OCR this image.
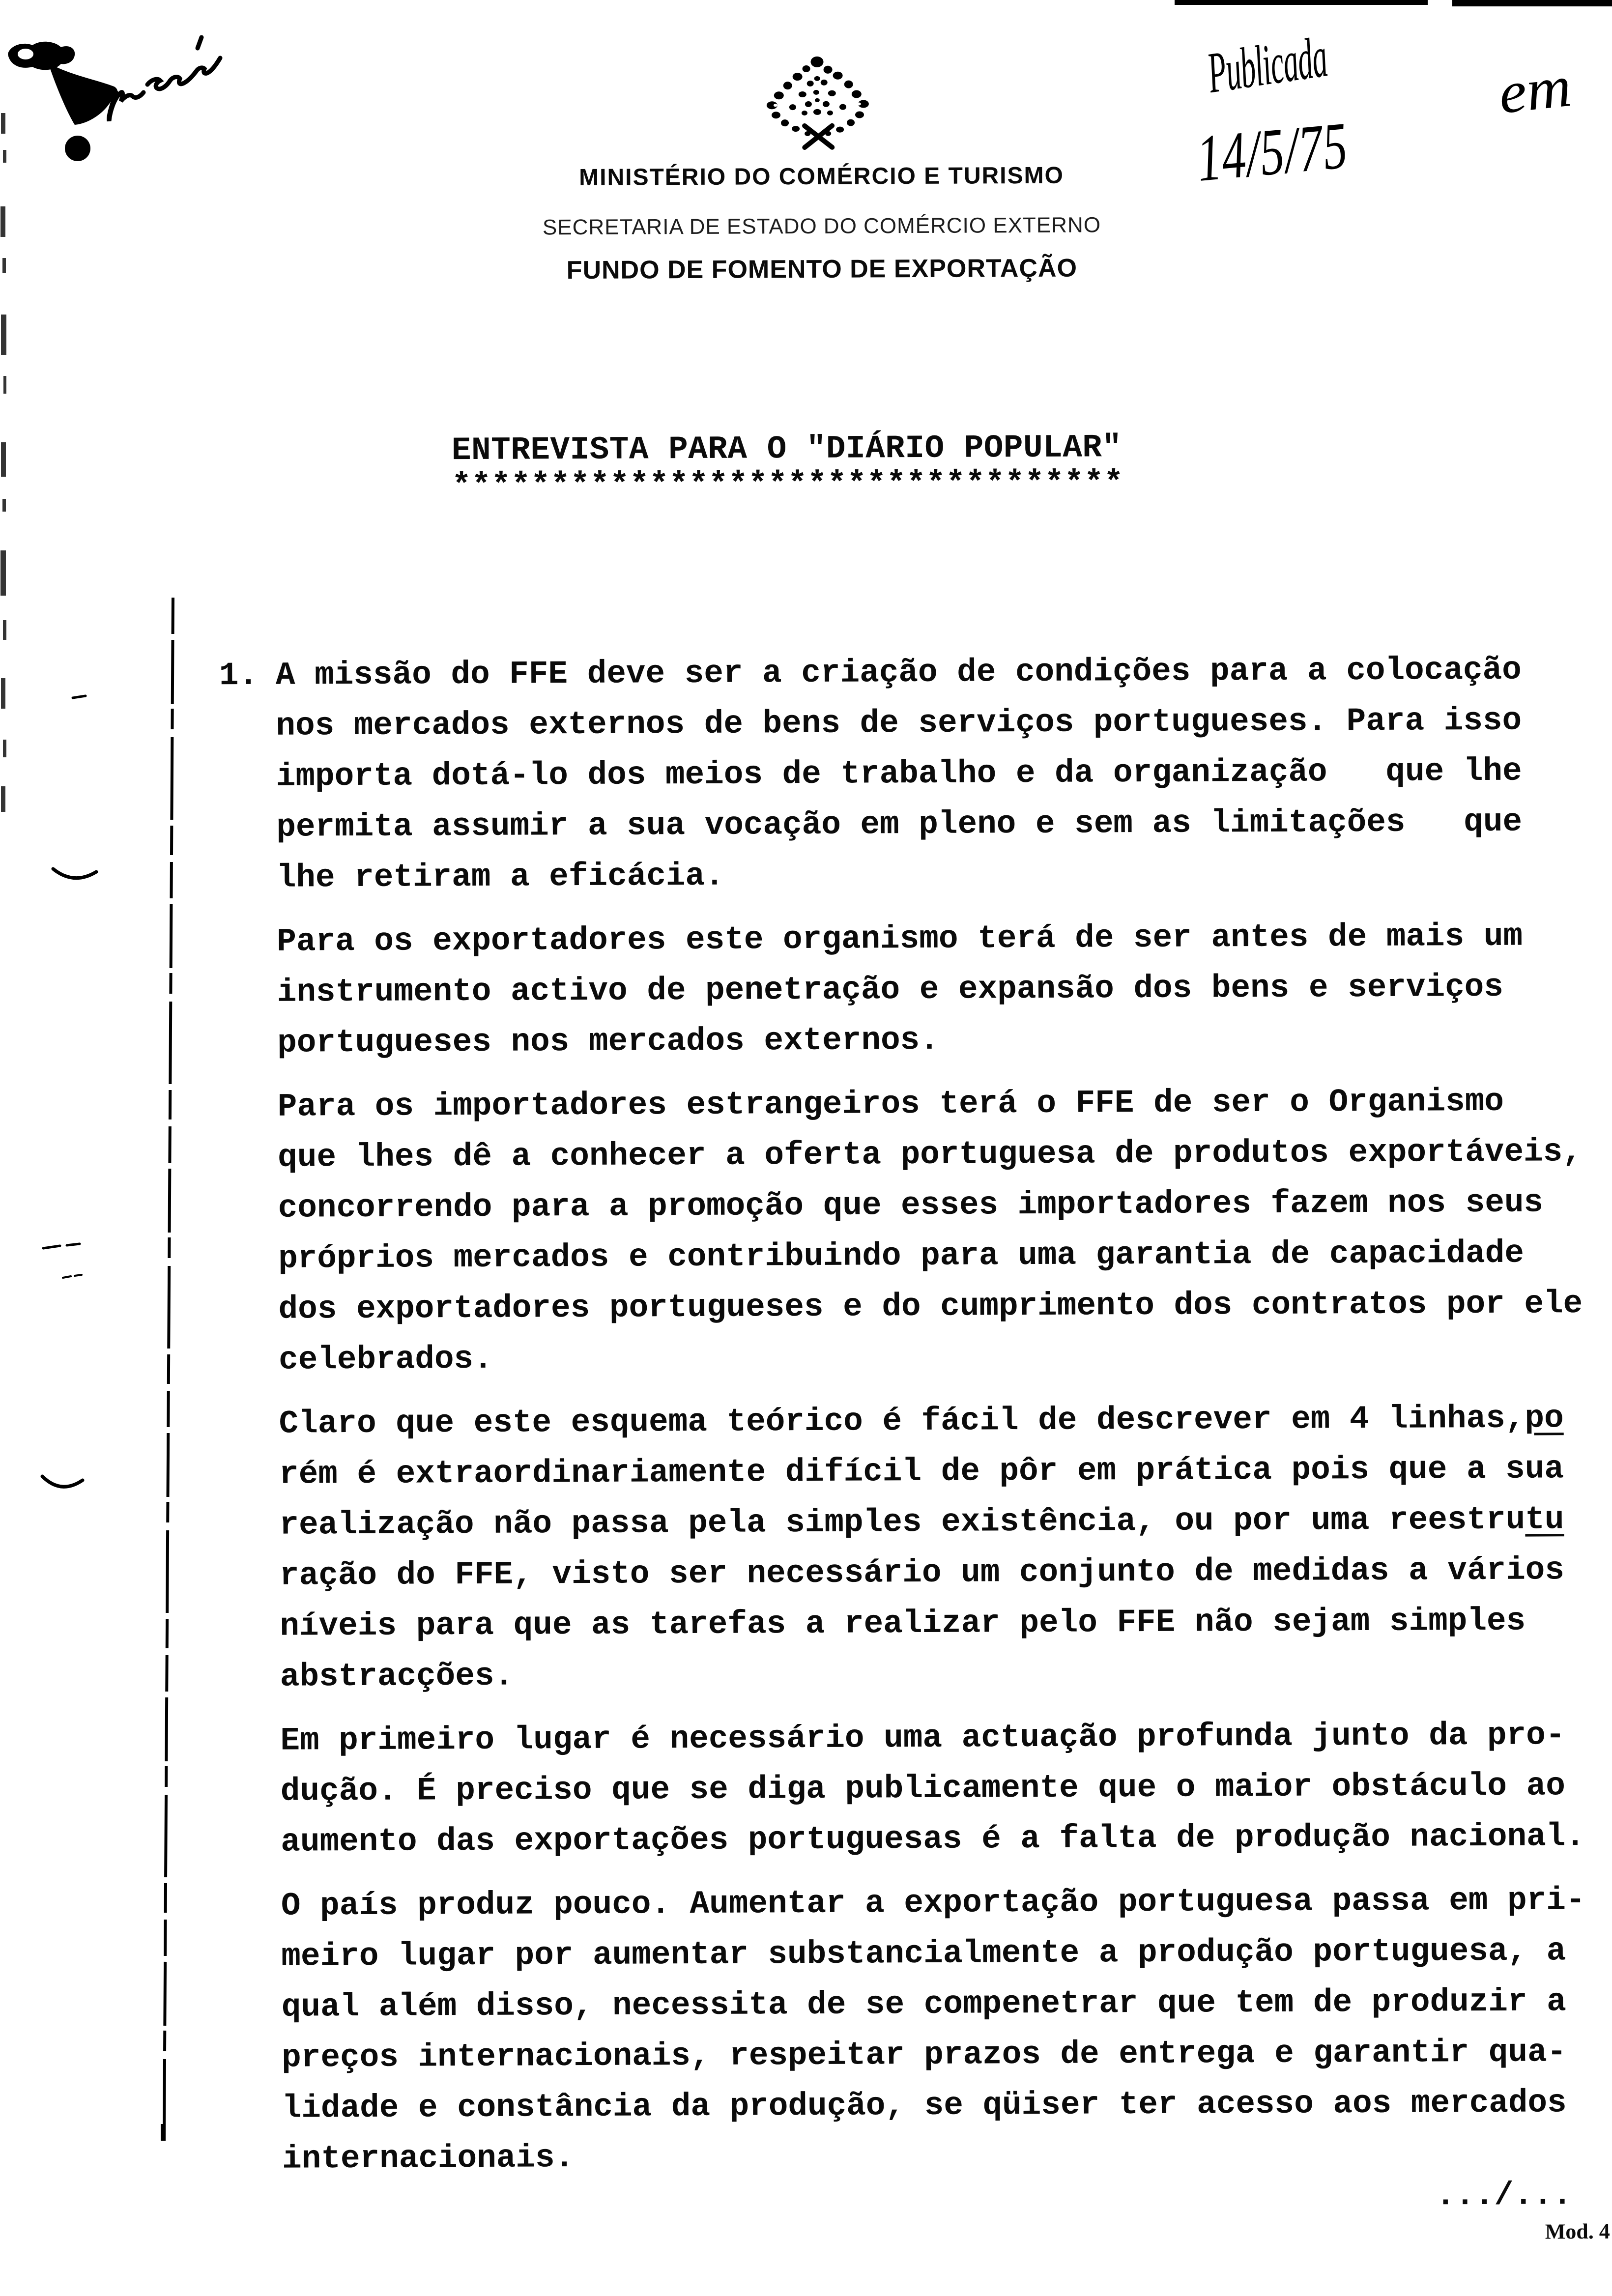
MINISTÉRIO DO COMÉRCIO E TURISMO
SECRETARIA DE ESTADO DO COMÉRCIO EXTERNO
FUNDO DE FOMENTO DE EXPORTAÇÃO
Publicada	em
14/5/75
ENTREVISTA PARA O "DIÁRIO POPULAR"
**********************************
1. A missão do FFE deve ser a criação de condições para a colocação
nos mercados externos de bens de serviços portugueses. Para isso
importa dotá-lo dos meios de trabalho e da organização   que lhe
permita assumir a sua vocação em pleno e sem as limitações   que
lhe retiram a eficácia.
Para os exportadores este organismo terá de ser antes de mais um
instrumento activo de penetração e expansão dos bens e serviços
portugueses nos mercados externos.
Para os importadores estrangeiros terá o FFE de ser o Organismo
que lhes dê a conhecer a oferta portuguesa de produtos exportáveis,
concorrendo para a promoção que esses importadores fazem nos seus
próprios mercados e contribuindo para uma garantia de capacidade
dos exportadores portugueses e do cumprimento dos contratos por ele
celebrados.
Claro que este esquema teórico é fácil de descrever em 4 linhas,po
rém é extraordinariamente difícil de pôr em prática pois que a sua
realização não passa pela simples existência, ou por uma reestrutu
ração do FFE, visto ser necessário um conjunto de medidas a vários
níveis para que as tarefas a realizar pelo FFE não sejam simples
abstracções.
Em primeiro lugar é necessário uma actuação profunda junto da pro-
dução. É preciso que se diga publicamente que o maior obstáculo ao
aumento das exportações portuguesas é a falta de produção nacional.
O país produz pouco. Aumentar a exportação portuguesa passa em pri-
meiro lugar por aumentar substancialmente a produção portuguesa, a
qual além disso, necessita de se compenetrar que tem de produzir a
preços internacionais, respeitar prazos de entrega e garantir qua-
lidade e constância da produção, se qüiser ter acesso aos mercados
internacionais.
.../...
Mod. 4
